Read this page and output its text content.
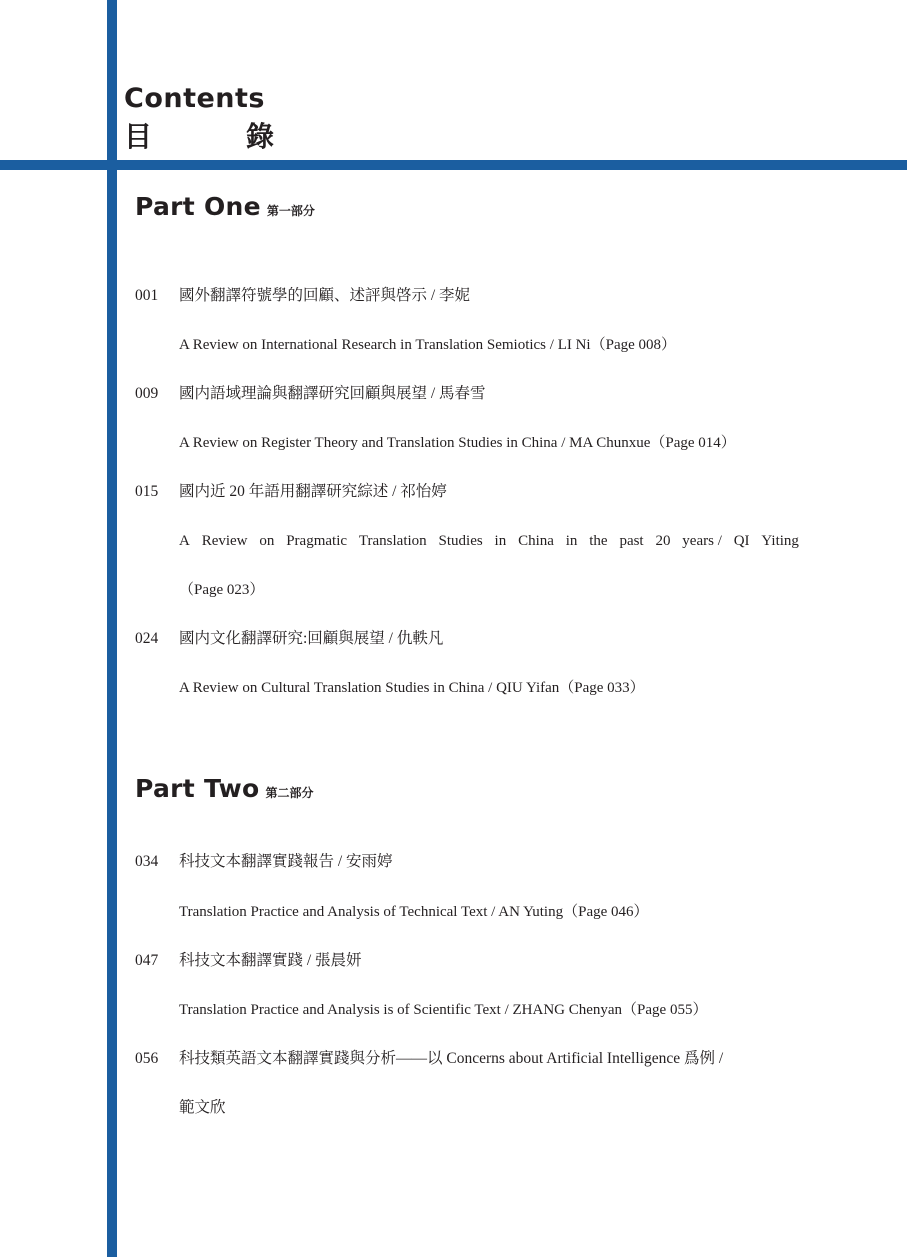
Contents
目	錄
Part One 第一部分
001 國外翻譯符號學的回顧、述評與啓示 / 李妮
A Review on International Research in Translation Semiotics / LI Ni（Page 008）
009 國内語域理論與翻譯研究回顧與展望 / 馬春雪
A Review on Register Theory and Translation Studies in China / MA Chunxue（Page 014）
015 國内近 20 年語用翻譯研究綜述 / 祁怡婷
A Review on Pragmatic Translation Studies in China in the past 20 years / QI Yiting
（Page 023）
024 國内文化翻譯研究:回顧與展望 / 仇軼凡
A Review on Cultural Translation Studies in China / QIU Yifan（Page 033）
Part Two 第二部分
034 科技文本翻譯實踐報告 / 安雨婷
Translation Practice and Analysis of Technical Text / AN Yuting（Page 046）
047 科技文本翻譯實踐 / 張晨妍
Translation Practice and Analysis is of Scientific Text / ZHANG Chenyan（Page 055）
056 科技類英語文本翻譯實踐與分析——以 Concerns about Artificial Intelligence 爲例 /
範文欣
